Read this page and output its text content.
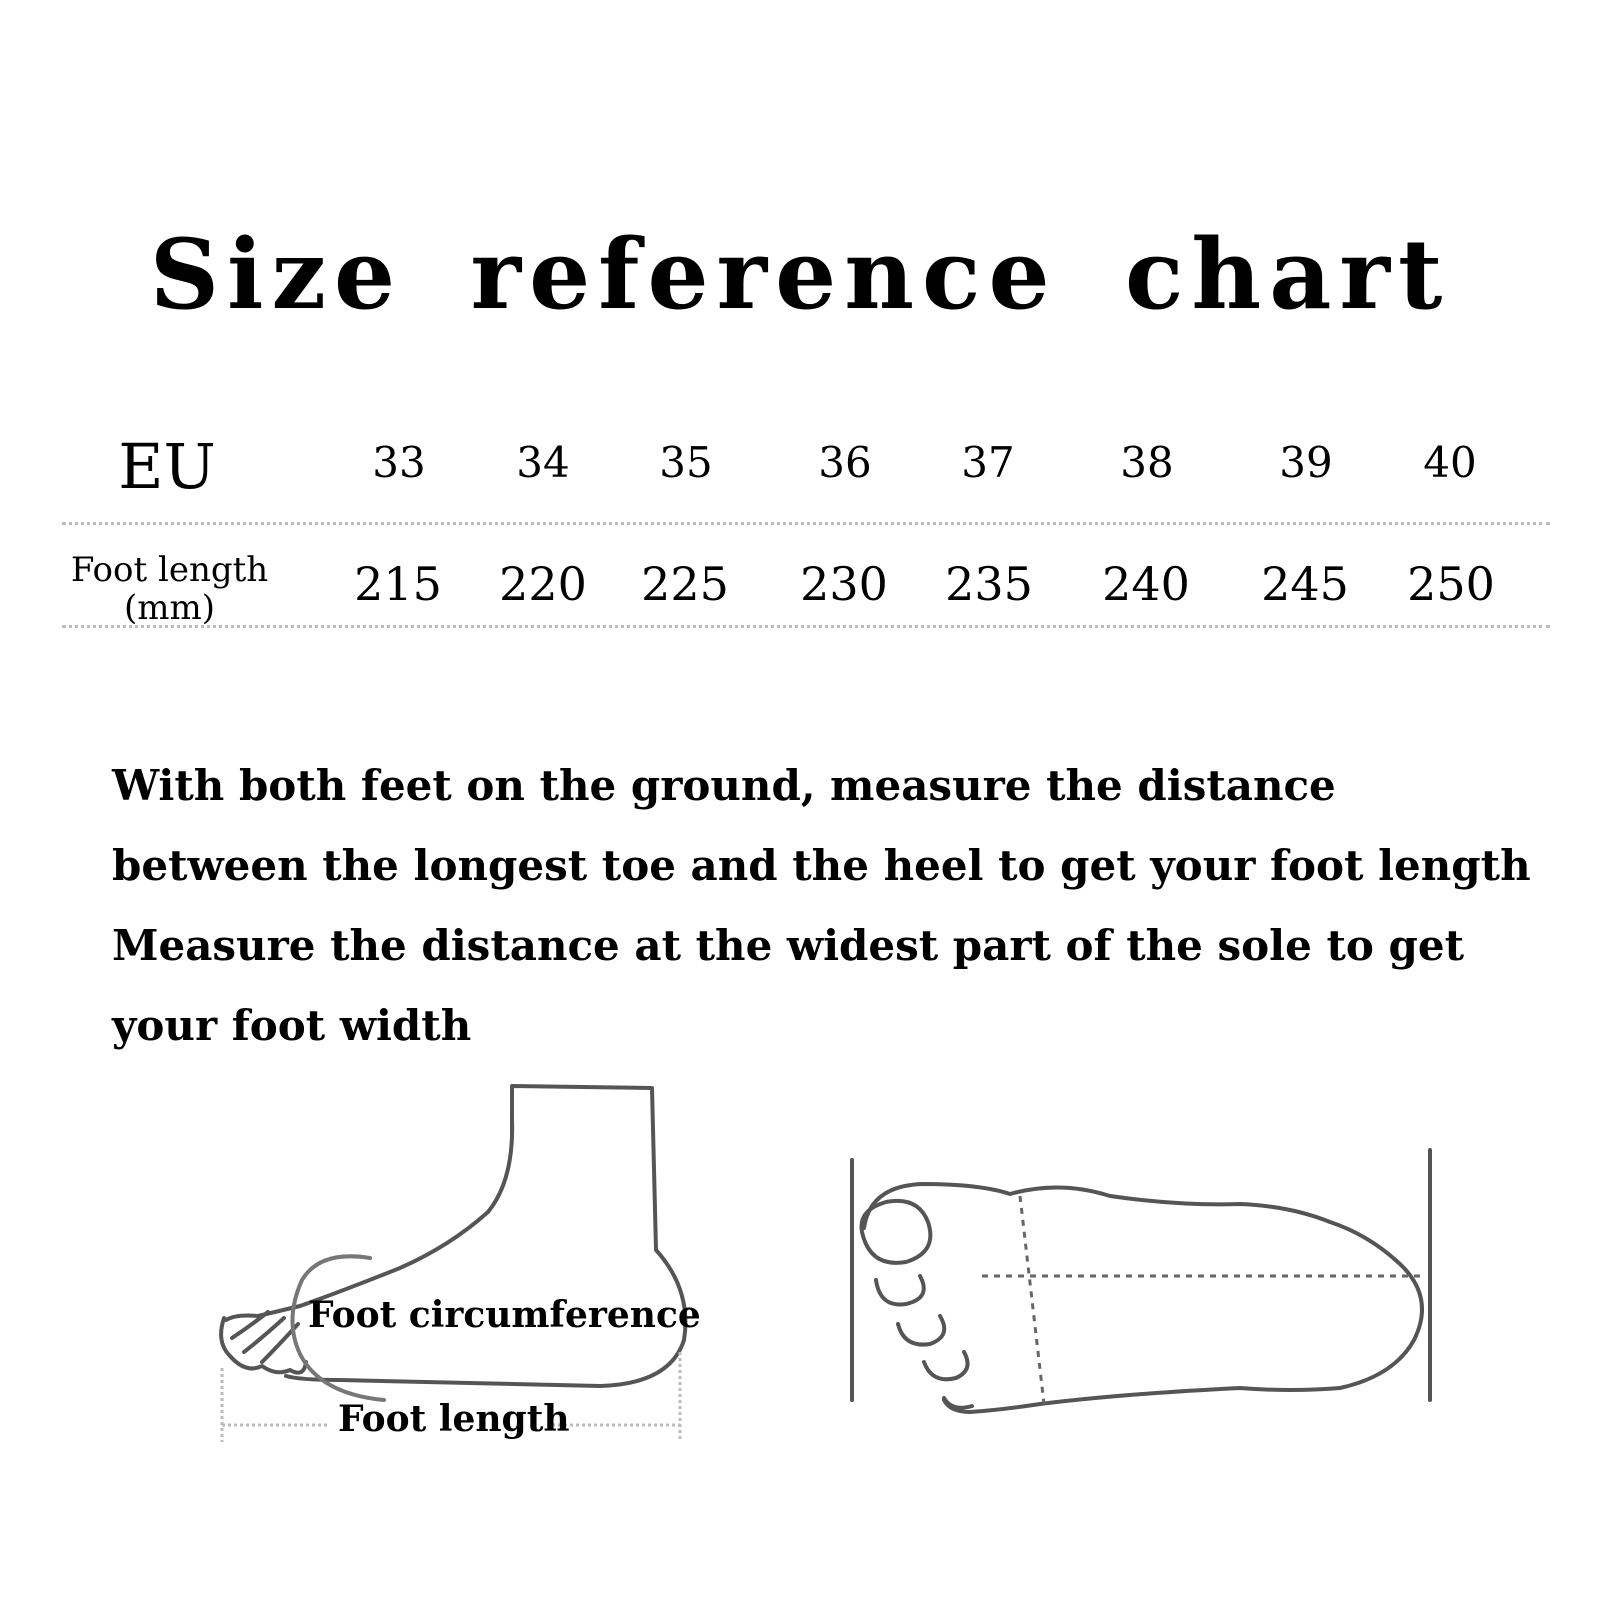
Size reference chart
EU	33	34	35	36	37	38	39	40
Foot length
(mm)	215 220 225 230 235 240 245 250

With both feet on the ground, measure the distance

between the longest toe and the heel to get your foot length

Measure the distance at the widest part of the sole to get

your foot width

Foot circumference
Foot length
